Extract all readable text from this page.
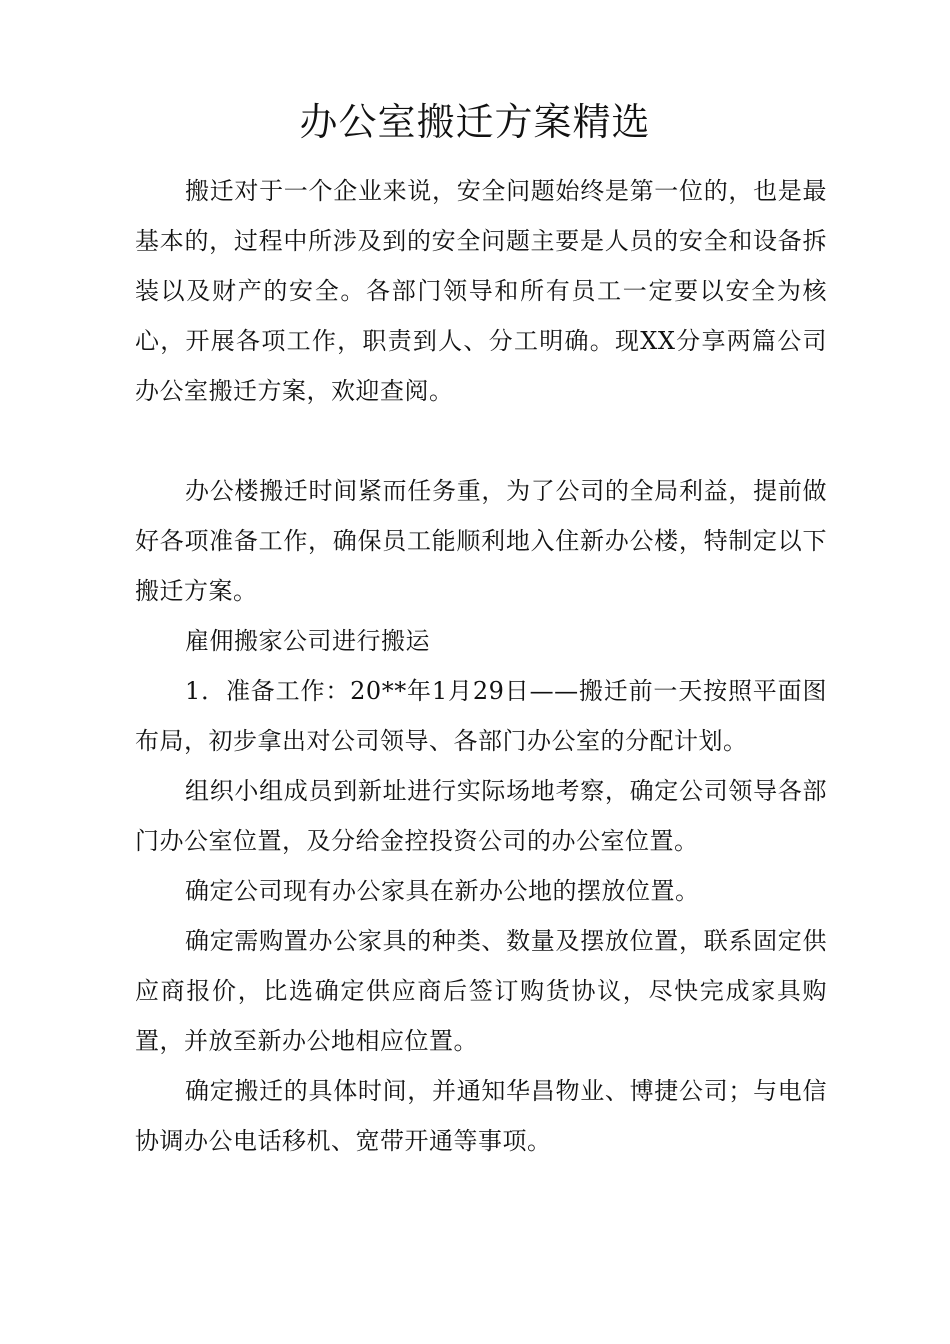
办公室搬迁方案精选

搬迁对于一个企业来说，安全问题始终是第一位的，也是最基本的，过程中所涉及到的安全问题主要是人员的安全和设备拆装以及财产的安全。各部门领导和所有员工一定要以安全为核心，开展各项工作，职责到人、分工明确。现XX分享两篇公司办公室搬迁方案，欢迎查阅。

办公楼搬迁时间紧而任务重，为了公司的全局利益，提前做好各项准备工作，确保员工能顺利地入住新办公楼，特制定以下搬迁方案。

雇佣搬家公司进行搬运

1．准备工作：20**年1月29日——搬迁前一天按照平面图布局，初步拿出对公司领导、各部门办公室的分配计划。

组织小组成员到新址进行实际场地考察，确定公司领导各部门办公室位置，及分给金控投资公司的办公室位置。

确定公司现有办公家具在新办公地的摆放位置。

确定需购置办公家具的种类、数量及摆放位置，联系固定供应商报价，比选确定供应商后签订购货协议，尽快完成家具购置，并放至新办公地相应位置。

确定搬迁的具体时间，并通知华昌物业、博捷公司；与电信协调办公电话移机、宽带开通等事项。
